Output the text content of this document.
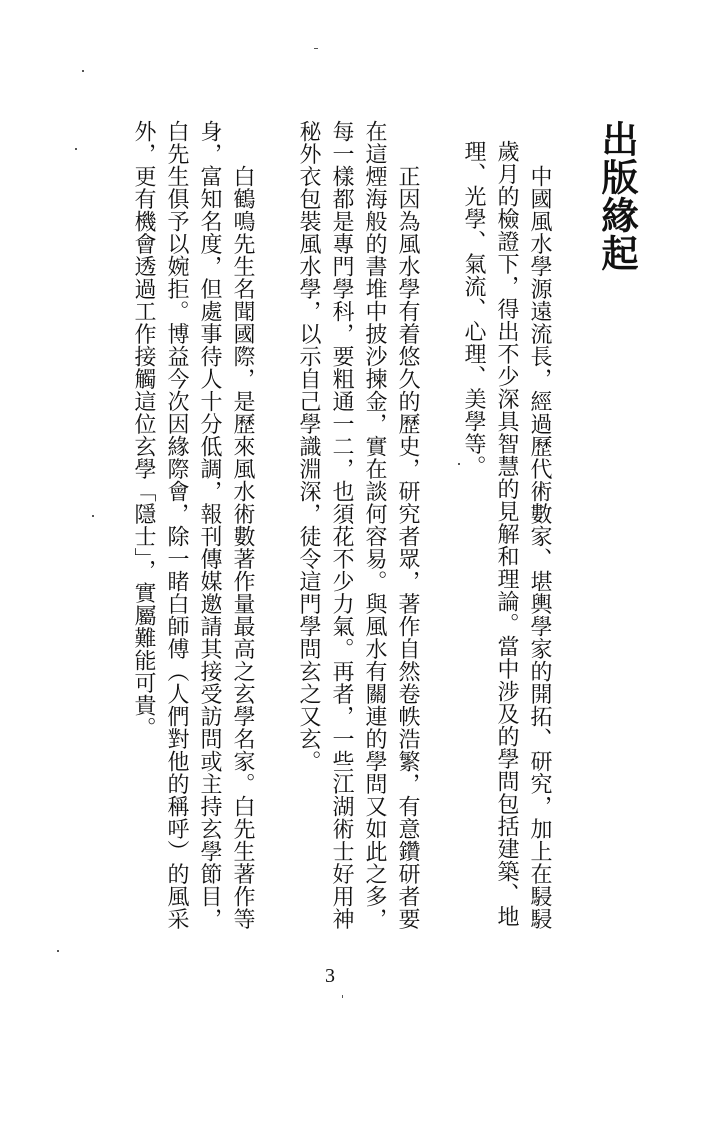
出版緣起
中國風水學源遠流長，經過歷代術數家、堪輿學家的開拓、研究，加上在駸駸
歲月的檢證下，得出不少深具智慧的見解和理論。當中涉及的學問包括建築、地
理、光學、氣流、心理、美學等。
正因為風水學有着悠久的歷史，研究者眾，著作自然卷帙浩繁，有意鑽研者要
在這煙海般的書堆中披沙揀金，實在談何容易。與風水有關連的學問又如此之多，
每一樣都是專門學科，要粗通一二，也須花不少力氣。再者，一些江湖術士好用神
秘外衣包裝風水學，以示自己學識淵深，徒令這門學問玄之又玄。
白鶴鳴先生名聞國際，是歷來風水術數著作量最高之玄學名家。白先生著作等
身，富知名度，但處事待人十分低調，報刊傳媒邀請其接受訪問或主持玄學節目，
白先生俱予以婉拒。博益今次因緣際會，除一睹白師傅（人們對他的稱呼）的風采
外，更有機會透過工作接觸這位玄學「隱士」，實屬難能可貴。
3
